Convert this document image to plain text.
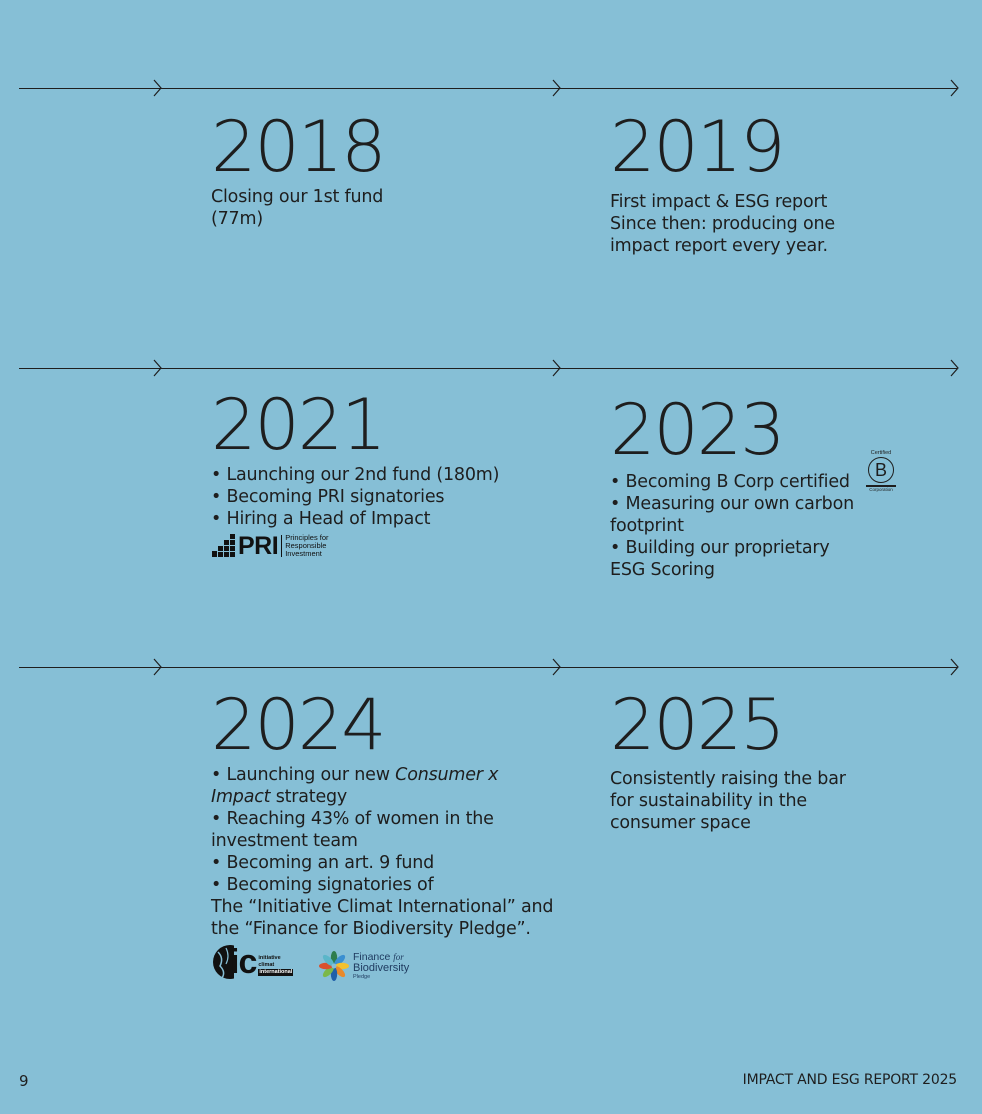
2018

Closing our 1st fund

(77m)

2019

First impact & ESG report

Since then: producing one

impact report every year.

2021

• Launching our 2nd fund (180m)

• Becoming PRI signatories

• Hiring a Head of Impact

PRI Principles for
Responsible
Investment
2023

• Becoming B Corp certified

• Measuring our own carbon

footprint

• Building our proprietary

ESG Scoring

Certified
B
Corporation
2024

• Launching our new Consumer x

Impact strategy

• Reaching 43% of women in the

investment team

• Becoming an art. 9 fund

• Becoming signatories of

The “Initiative Climat International” and

the “Finance for Biodiversity Pledge”.

ic initiative
climat
international
Finance for
Biodiversity
Pledge
2025

Consistently raising the bar

for sustainability in the

consumer space

9	IMPACT AND ESG REPORT 2025
